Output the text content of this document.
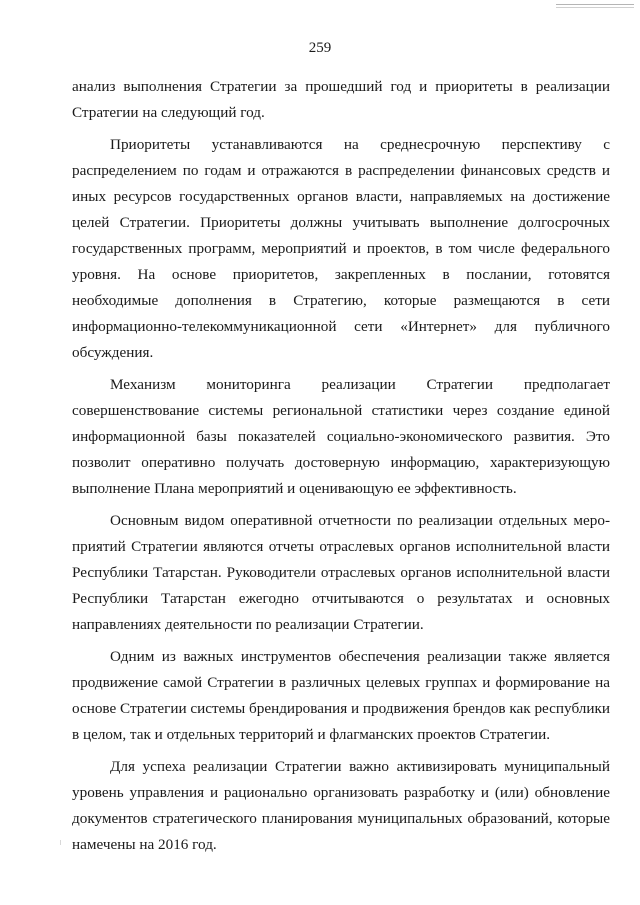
259

анализ выполнения Стратегии за прошедший год и приоритеты в реализации Стратегии на следующий год.

Приоритеты устанавливаются на среднесрочную перспективу с распределением по годам и отражаются в распределении финансовых средств и иных ресурсов государственных органов власти, направляемых на достижение целей Стратегии. Приоритеты должны учитывать выполнение долгосрочных государственных программ, мероприятий и проектов, в том числе федерального уровня. На основе приоритетов, закрепленных в послании, готовятся необходимые дополнения в Стратегию, которые размещаются в сети информационно-телекоммуникационной сети «Интернет» для публичного обсуждения.

Механизм мониторинга реализации Стратегии предполагает совершенствование системы региональной статистики через создание единой информационной базы показателей социально-экономического развития. Это позволит оперативно получать достоверную информацию, характеризующую выполнение Плана мероприятий и оценивающую ее эффективность.

Основным видом оперативной отчетности по реализации отдельных мероприятий Стратегии являются отчеты отраслевых органов исполнительной власти Республики Татарстан. Руководители отраслевых органов исполнительной власти Республики Татарстан ежегодно отчитываются о результатах и основных направлениях деятельности по реализации Стратегии.

Одним из важных инструментов обеспечения реализации также является продвижение самой Стратегии в различных целевых группах и формирование на основе Стратегии системы брендирования и продвижения брендов как республики в целом, так и отдельных территорий и флагманских проектов Стратегии.

Для успеха реализации Стратегии важно активизировать муниципальный уровень управления и рационально организовать разработку и (или) обновление документов стратегического планирования муниципальных образований, которые намечены на 2016 год.
